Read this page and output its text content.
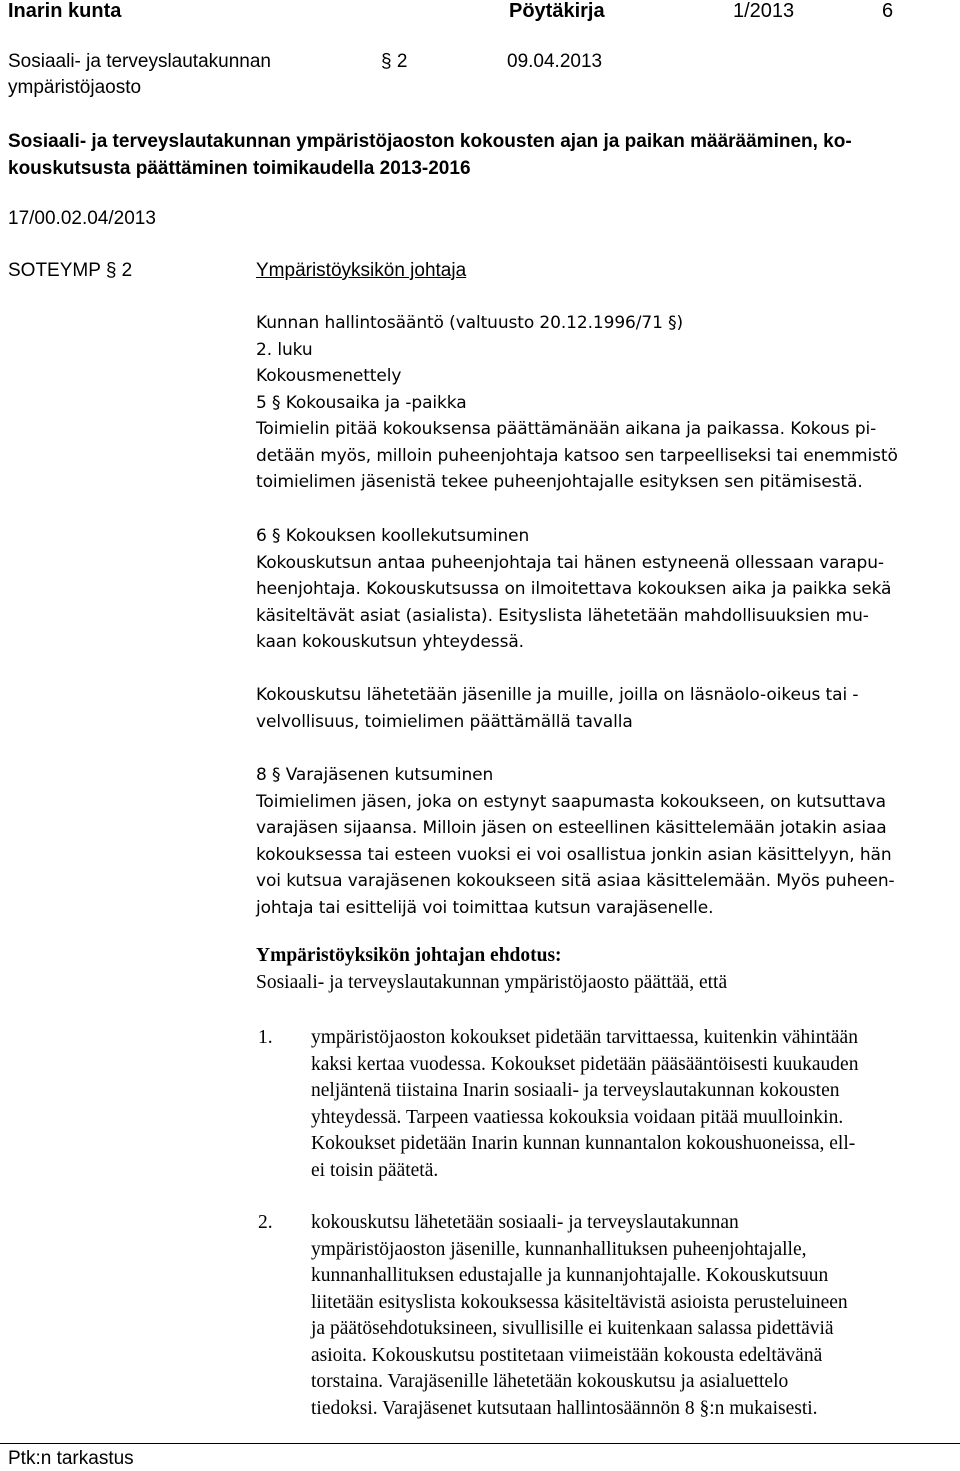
Inarin kunta	Pöytäkirja	1/2013	6
Sosiaali- ja terveyslautakunnan
ympäristöjaosto
§ 2	09.04.2013
Sosiaali- ja terveyslautakunnan ympäristöjaoston kokousten ajan ja paikan määrääminen, ko-
kouskutsusta päättäminen toimikaudella 2013-2016
17/00.02.04/2013
SOTEYMP § 2	Ympäristöyksikön johtaja
Kunnan hallintosääntö (valtuusto 20.12.1996/71 §)
2. luku
Kokousmenettely
5 § Kokousaika ja -paikka
Toimielin pitää kokouksensa päättämänään aikana ja paikassa. Kokous pi-
detään myös, milloin puheenjohtaja katsoo sen tarpeelliseksi tai enemmistö
toimielimen jäsenistä tekee puheenjohtajalle esityksen sen pitämisestä.
6 § Kokouksen koollekutsuminen
Kokouskutsun antaa puheenjohtaja tai hänen estyneenä ollessaan varapu-
heenjohtaja. Kokouskutsussa on ilmoitettava kokouksen aika ja paikka sekä
käsiteltävät asiat (asialista). Esityslista lähetetään mahdollisuuksien mu-
kaan kokouskutsun yhteydessä.
Kokouskutsu lähetetään jäsenille ja muille, joilla on läsnäolo-oikeus tai -
velvollisuus, toimielimen päättämällä tavalla
8 § Varajäsenen kutsuminen
Toimielimen jäsen, joka on estynyt saapumasta kokoukseen, on kutsuttava
varajäsen sijaansa. Milloin jäsen on esteellinen käsittelemään jotakin asiaa
kokouksessa tai esteen vuoksi ei voi osallistua jonkin asian käsittelyyn, hän
voi kutsua varajäsenen kokoukseen sitä asiaa käsittelemään. Myös puheen-
johtaja tai esittelijä voi toimittaa kutsun varajäsenelle.
Ympäristöyksikön johtajan ehdotus:
Sosiaali- ja terveyslautakunnan ympäristöjaosto päättää, että
1. ympäristöjaoston kokoukset pidetään tarvittaessa, kuitenkin vähintään
kaksi kertaa vuodessa. Kokoukset pidetään pääsääntöisesti kuukauden
neljäntenä tiistaina Inarin sosiaali- ja terveyslautakunnan kokousten
yhteydessä. Tarpeen vaatiessa kokouksia voidaan pitää muulloinkin.
Kokoukset pidetään Inarin kunnan kunnantalon kokoushuoneissa, ell-
ei toisin päätetä.
2. kokouskutsu lähetetään sosiaali- ja terveyslautakunnan
ympäristöjaoston jäsenille, kunnanhallituksen puheenjohtajalle,
kunnanhallituksen edustajalle ja kunnanjohtajalle. Kokouskutsuun
liitetään esityslista kokouksessa käsiteltävistä asioista perusteluineen
ja päätösehdotuksineen, sivullisille ei kuitenkaan salassa pidettäviä
asioita. Kokouskutsu postitetaan viimeistään kokousta edeltävänä
torstaina. Varajäsenille lähetetään kokouskutsu ja asialuettelo
tiedoksi. Varajäsenet kutsutaan hallintosäännön 8 §:n mukaisesti.
Ptk:n tarkastus
